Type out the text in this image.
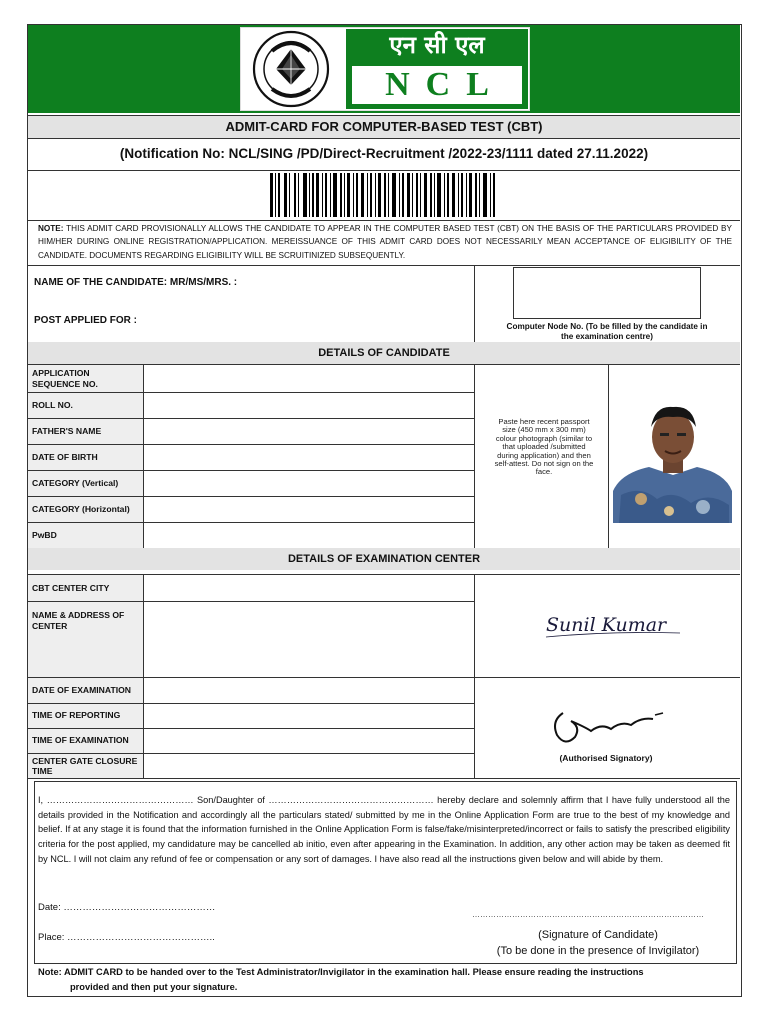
एन सी एल
NCL
ADMIT-CARD FOR COMPUTER-BASED TEST (CBT)
(Notification No: NCL/SING /PD/Direct-Recruitment /2022-23/1111 dated 27.11.2022)
NOTE: THIS ADMIT CARD PROVISIONALLY ALLOWS THE CANDIDATE TO APPEAR IN THE COMPUTER BASED TEST (CBT) ON THE BASIS OF THE PARTICULARS PROVIDED BY HIM/HER DURING ONLINE REGISTRATION/APPLICATION. MEREISSUANCE OF THIS ADMIT CARD DOES NOT NECESSARILY MEAN ACCEPTANCE OF ELIGIBILITY OF THE CANDIDATE. DOCUMENTS REGARDING ELIGIBILITY WILL BE SCRUITINIZED SUBSEQUENTLY.
NAME OF THE CANDIDATE: MR/MS/MRS. :
POST APPLIED FOR :
Computer Node No. (To be filled by the candidate in the examination centre)
DETAILS OF CANDIDATE
APPLICATION SEQUENCE NO.
ROLL NO.
FATHER'S NAME
DATE OF BIRTH
CATEGORY (Vertical)
CATEGORY (Horizontal)
PwBD
Paste here recent passport size (450 mm x 300 mm) colour photograph (similar to that uploaded /submitted during application) and then self-attest. Do not sign on the face.
DETAILS OF EXAMINATION CENTER
CBT CENTER CITY
NAME & ADDRESS OF CENTER
DATE OF EXAMINATION
TIME OF REPORTING
TIME OF EXAMINATION
CENTER GATE CLOSURE TIME
Sunil Kumar
(Authorised Signatory)
I, ………………………………………… Son/Daughter of ……………………………………………… hereby declare and solemnly affirm that I have fully understood all the details provided in the Notification and accordingly all the particulars stated/ submitted by me in the Online Application Form are true to the best of my knowledge and belief. If at any stage it is found that the information furnished in the Online Application Form is false/fake/misinterpreted/incorrect or fails to satisfy the prescribed eligibility criteria for the post applied, my candidature may be cancelled ab initio, even after appearing in the Examination. In addition, any other action may be taken as deemed fit by NCL. I will not claim any refund of fee or compensation or any sort of damages. I have also read all the instructions given below and will abide by them.
Date: …………………………………………
……………………………………………………………………………
Place: ………………………………………..	(Signature of Candidate)
(To be done in the presence of Invigilator)
Note: ADMIT CARD to be handed over to the Test Administrator/Invigilator in the examination hall. Please ensure reading the instructions
provided and then put your signature.
